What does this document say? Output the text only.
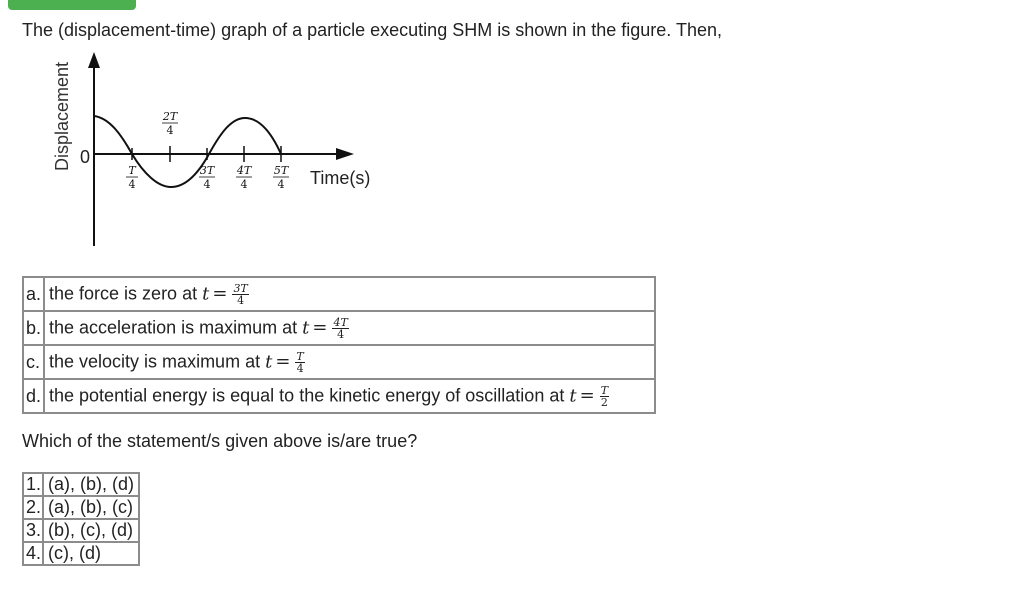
The (displacement-time) graph of a particle executing SHM is shown in the figure. Then,
Displacement 0
T
4
2T
4
3T
4
4T
4
5T
4 Time(s)
a.	the force is zero at $t = \frac{3T}{4}$

b.	the acceleration is maximum at $t = \frac{4T}{4}$

c.	the velocity is maximum at $t = \frac{T}{4}$

d.	the potential energy is equal to the kinetic energy of oscillation at $t = \frac{T}{2}$
Which of the statement/s given above is/are true?
1.	(a), (b), (d)
2.	(a), (b), (c)
3.	(b), (c), (d)
4.	(c), (d)
